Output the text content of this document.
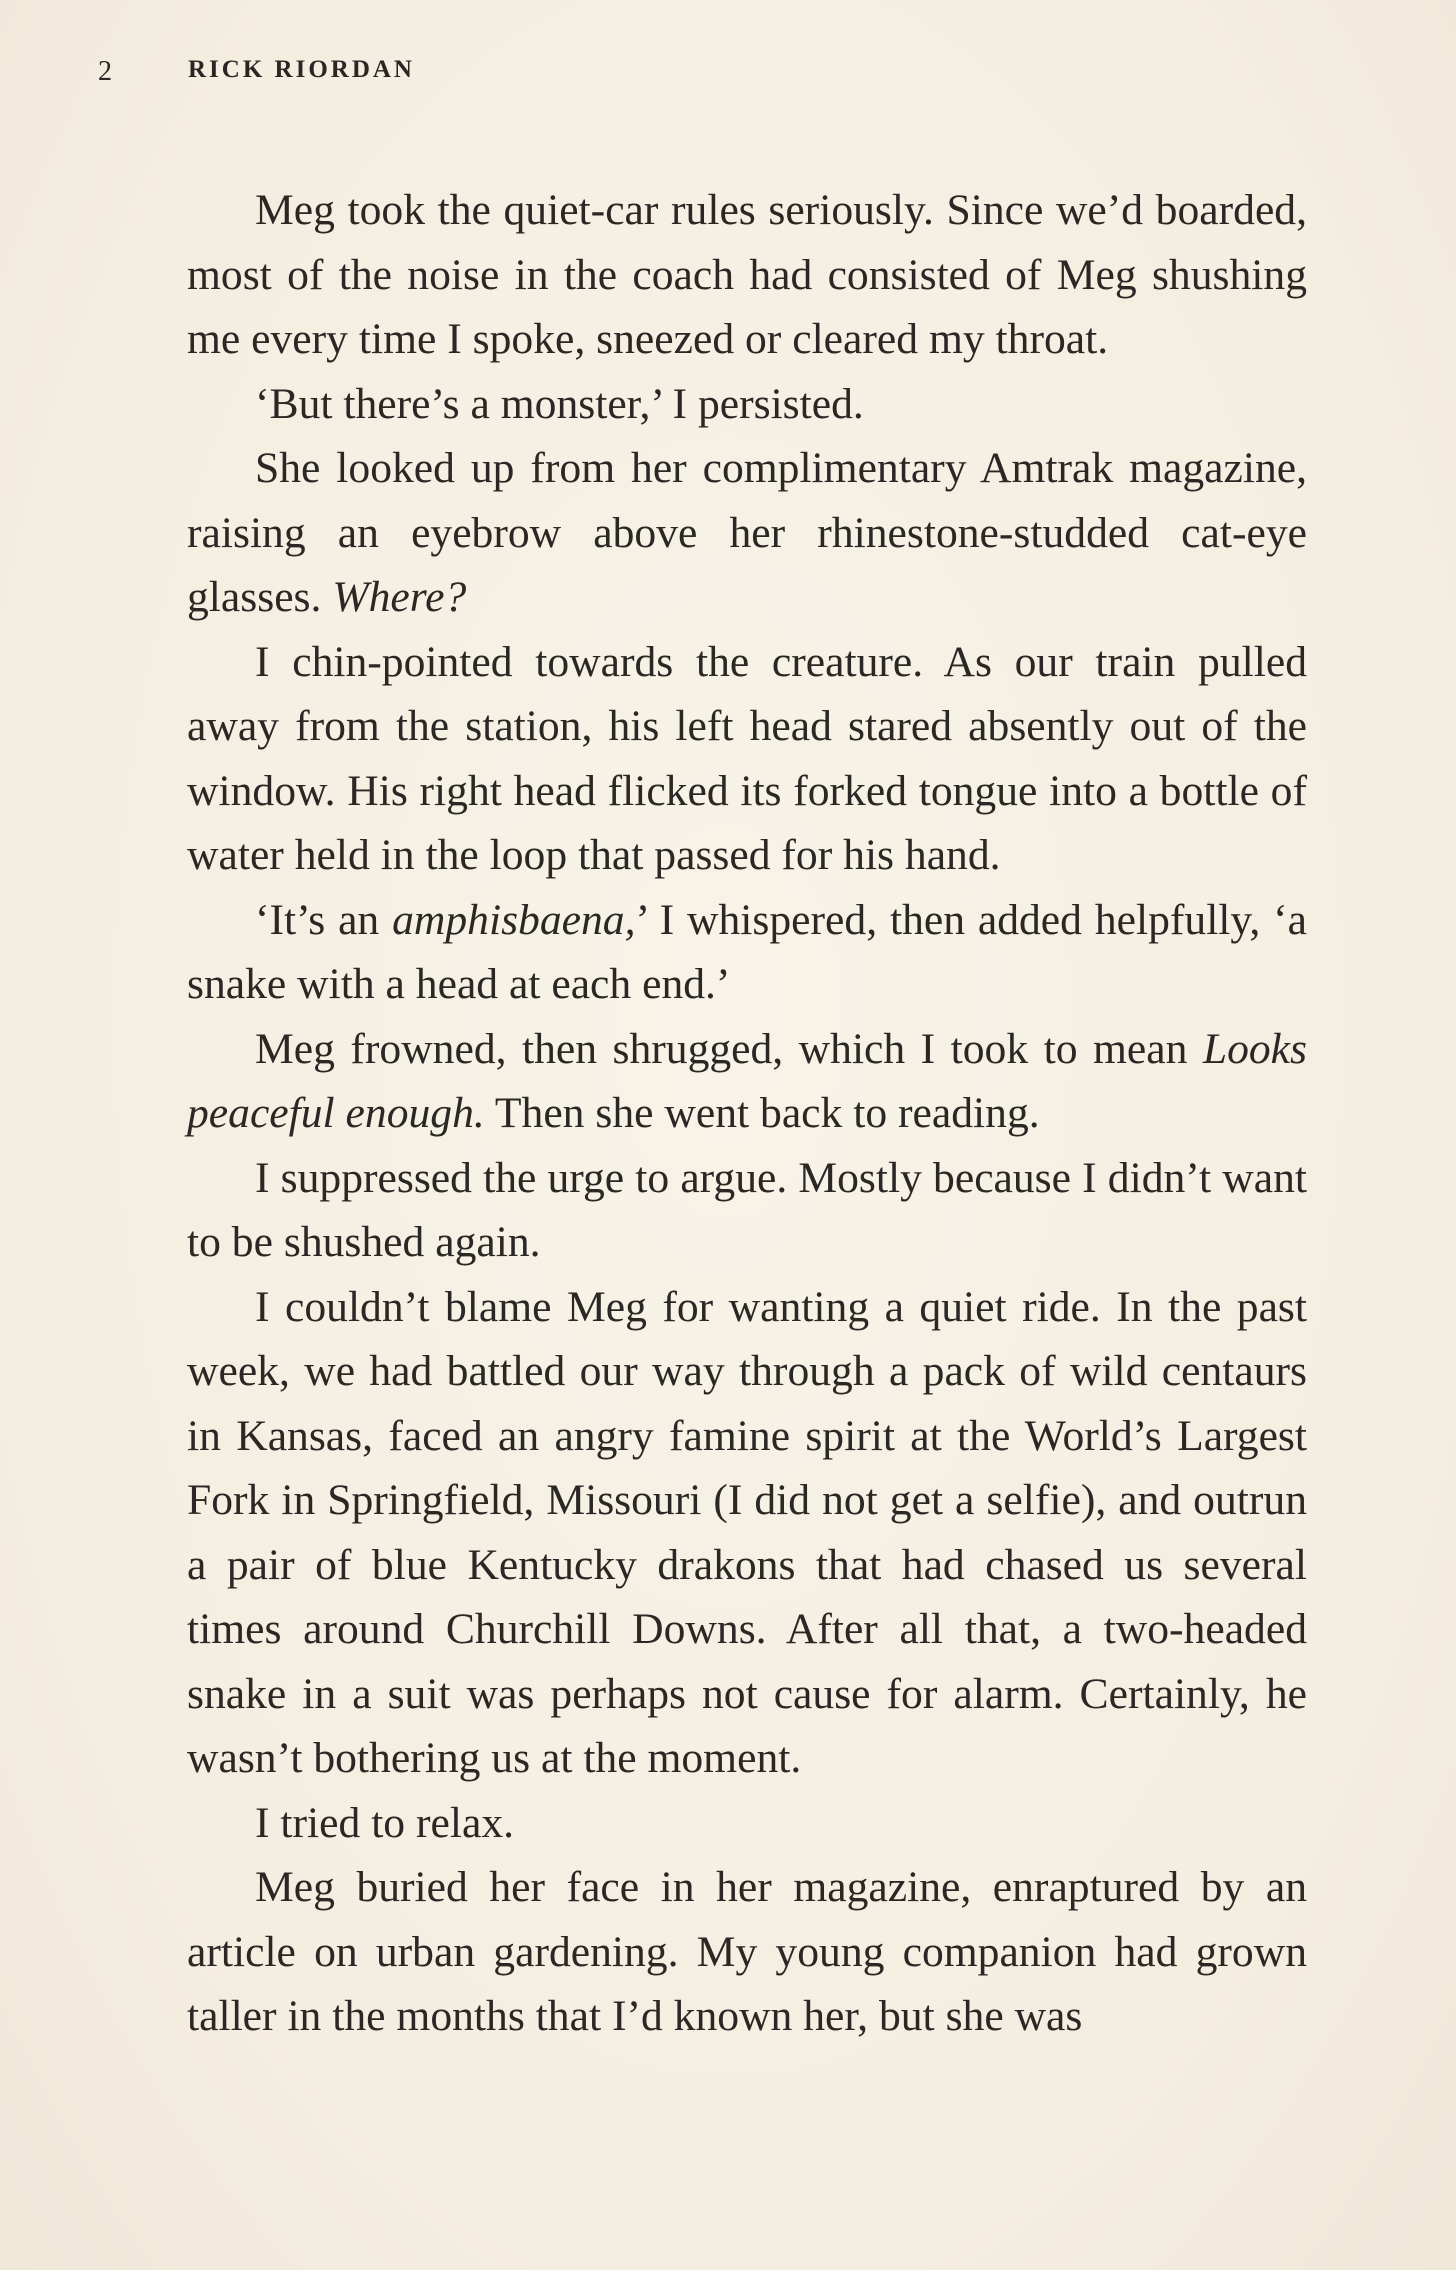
2	RICK RIORDAN

Meg took the quiet-car rules seriously. Since we’d boarded, most of the noise in the coach had consisted of Meg shushing me every time I spoke, sneezed or cleared my throat.

‘But there’s a monster,’ I persisted.

She looked up from her complimentary Amtrak magazine, raising an eyebrow above her rhinestone-studded cat-eye glasses. Where?

I chin-pointed towards the creature. As our train pulled away from the station, his left head stared absently out of the window. His right head flicked its forked tongue into a bottle of water held in the loop that passed for his hand.

‘It’s an amphisbaena,’ I whispered, then added helpfully, ‘a snake with a head at each end.’

Meg frowned, then shrugged, which I took to mean Looks peaceful enough. Then she went back to reading.

I suppressed the urge to argue. Mostly because I didn’t want to be shushed again.

I couldn’t blame Meg for wanting a quiet ride. In the past week, we had battled our way through a pack of wild centaurs in Kansas, faced an angry famine spirit at the World’s Largest Fork in Springfield, Missouri (I did not get a selfie), and outrun a pair of blue Kentucky drakons that had chased us several times around Churchill Downs. After all that, a two-headed snake in a suit was perhaps not cause for alarm. Certainly, he wasn’t bothering us at the moment.

I tried to relax.

Meg buried her face in her magazine, enraptured by an article on urban gardening. My young companion had grown taller in the months that I’d known her, but she was
